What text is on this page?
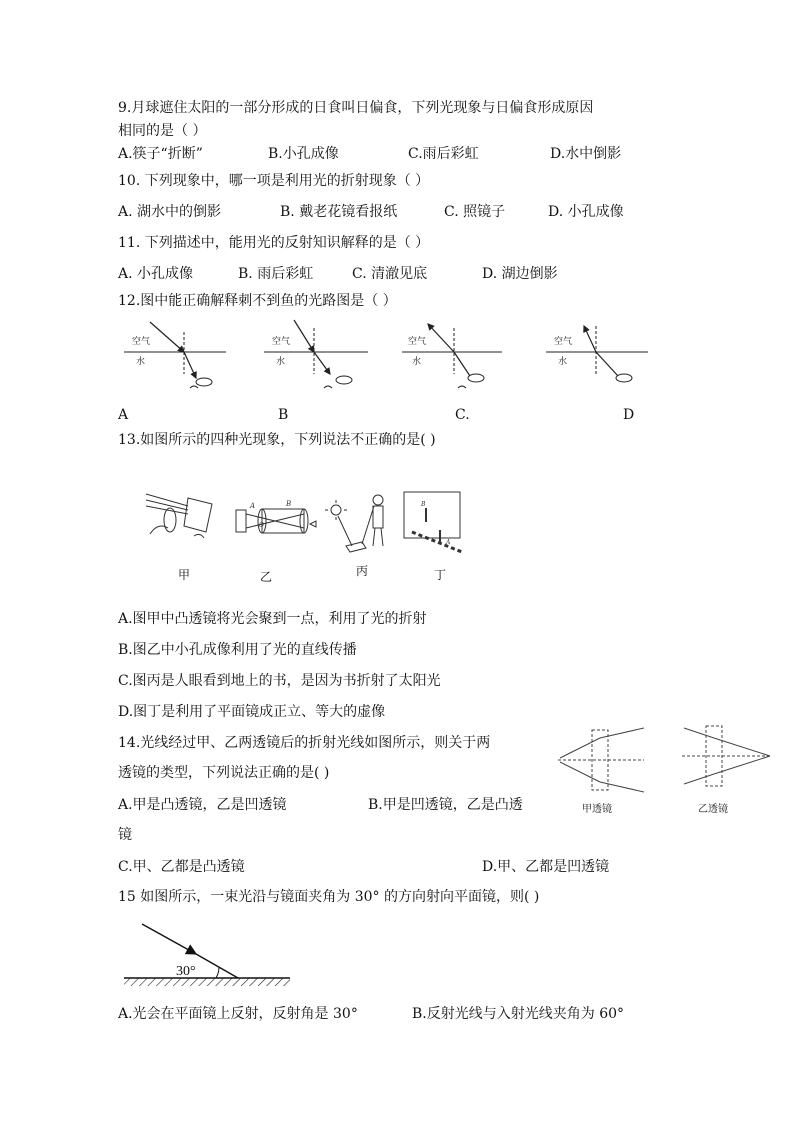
9.月球遮住太阳的一部分形成的日食叫日偏食，下列光现象与日偏食形成原因
相同的是（ ）
A.筷子“折断”	B.小孔成像	C.雨后彩虹	D.水中倒影
10. 下列现象中，哪一项是利用光的折射现象（ ）
A. 湖水中的倒影	B. 戴老花镜看报纸	C. 照镜子	D. 小孔成像
11. 下列描述中，能用光的反射知识解释的是（ ）
A. 小孔成像	B. 雨后彩虹	C. 清澈见底	D. 湖边倒影
12.图中能正确解释刺不到鱼的光路图是（ ）
空气
水
空气
水
空气
水
空气
水
A	B	C.	D
13.如图所示的四种光现象，下列说法不正确的是( )
A	B
O
B
A
甲	乙	丙	丁
A.图甲中凸透镜将光会聚到一点，利用了光的折射
B.图乙中小孔成像利用了光的直线传播
C.图丙是人眼看到地上的书，是因为书折射了太阳光
D.图丁是利用了平面镜成正立、等大的虚像
14.光线经过甲、乙两透镜后的折射光线如图所示，则关于两
透镜的类型，下列说法正确的是( )
甲透镜	乙透镜
A.甲是凸透镜，乙是凹透镜	B.甲是凹透镜，乙是凸透
镜
C.甲、乙都是凸透镜	D.甲、乙都是凹透镜
15 如图所示，一束光沿与镜面夹角为 30° 的方向射向平面镜，则( )
30°
A.光会在平面镜上反射，反射角是 30°	B.反射光线与入射光线夹角为 60°
